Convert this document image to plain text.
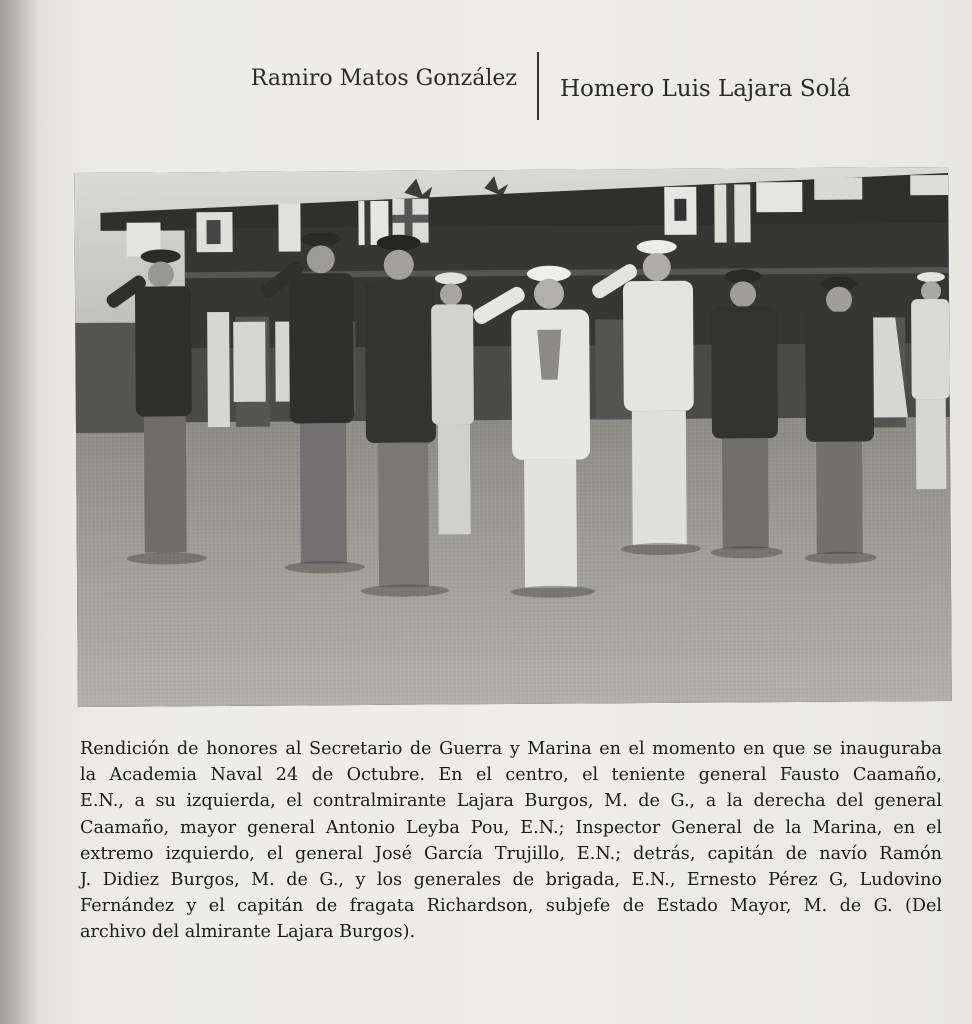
Ramiro Matos González Homero Luis Lajara Solá
Rendición de honores al Secretario de Guerra y Marina en el momento en que se inauguraba
la Academia Naval 24 de Octubre. En el centro, el teniente general Fausto Caamaño,
E.N., a su izquierda, el contralmirante Lajara Burgos, M. de G., a la derecha del general
Caamaño, mayor general Antonio Leyba Pou, E.N.; Inspector General de la Marina, en el
extremo izquierdo, el general José García Trujillo, E.N.; detrás, capitán de navío Ramón
J. Didiez Burgos, M. de G., y los generales de brigada, E.N., Ernesto Pérez G, Ludovino
Fernández y el capitán de fragata Richardson, subjefe de Estado Mayor, M. de G. (Del
archivo del almirante Lajara Burgos).
